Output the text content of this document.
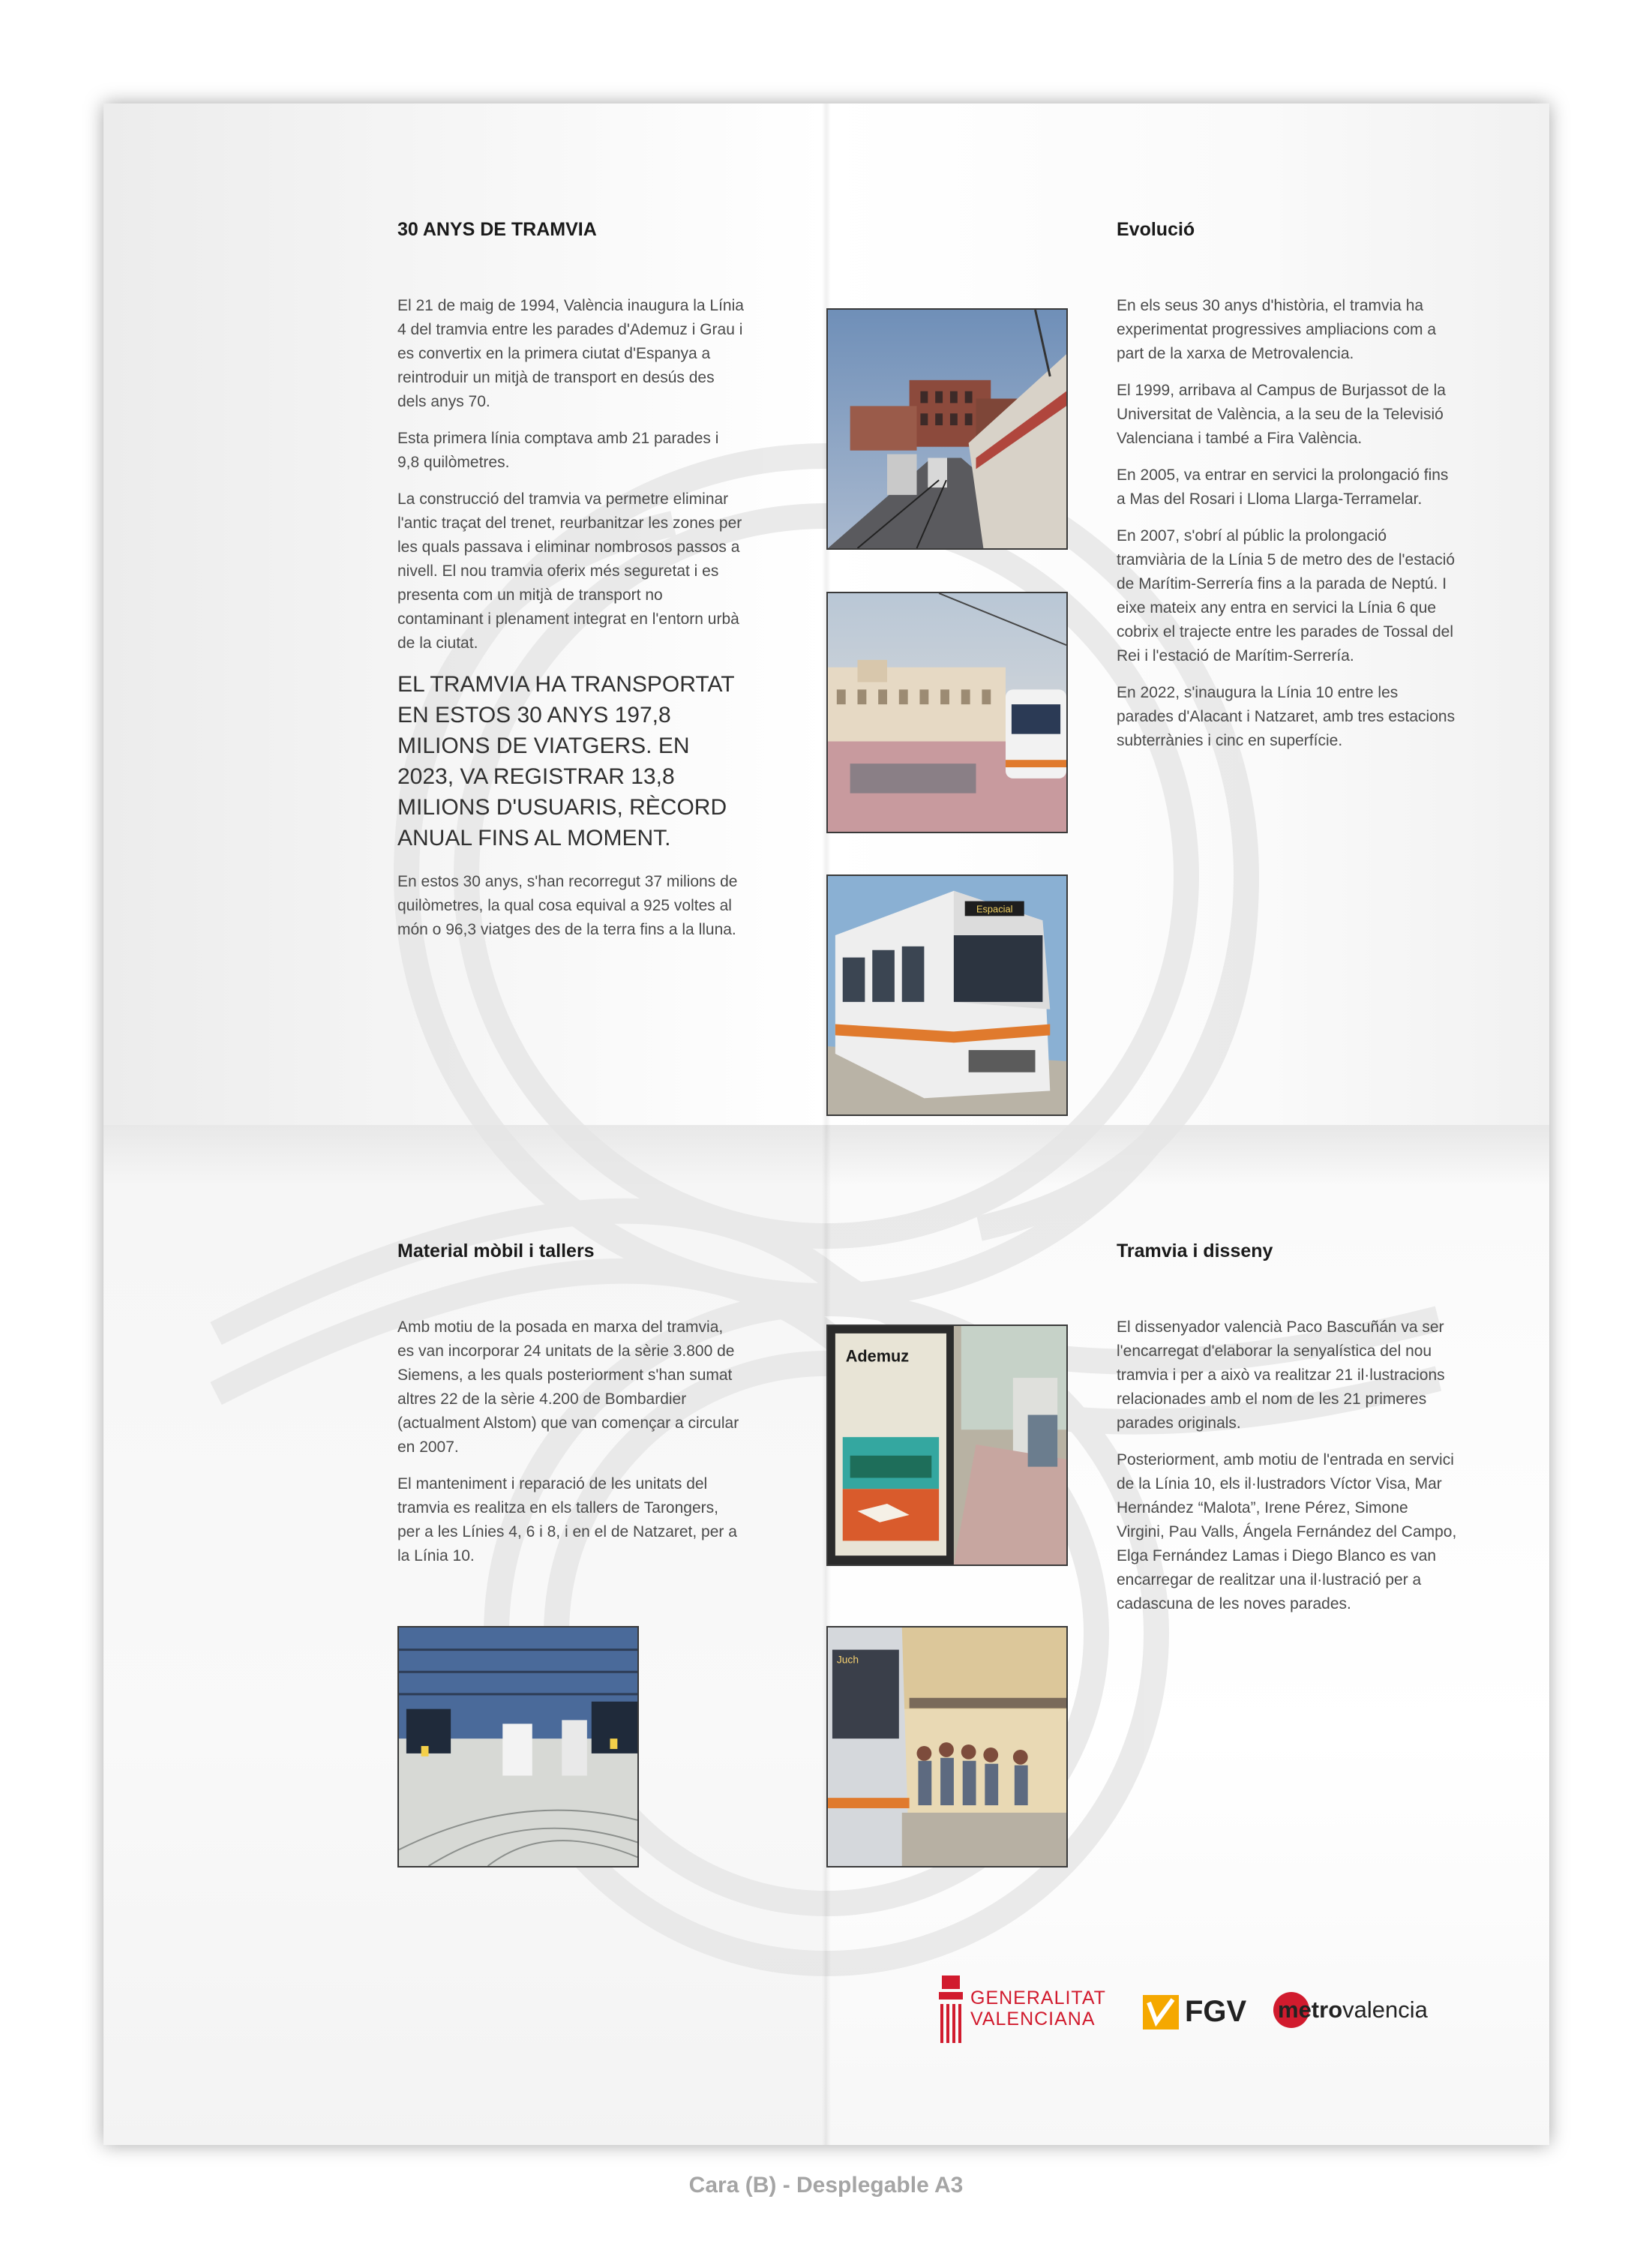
30 ANYS DE TRAMVIA

El 21 de maig de 1994, València inaugura la Línia 4 del tramvia entre les parades d'Ademuz i Grau i es convertix en la primera ciutat d'Espanya a reintroduir un mitjà de transport en desús des dels anys 70.

Esta primera línia comptava amb 21 parades i 9,8 quilòmetres.

La construcció del tramvia va permetre eliminar l'antic traçat del trenet, reurbanitzar les zones per les quals passava i eliminar nombrosos passos a nivell. El nou tramvia oferix més seguretat i es presenta com un mitjà de transport no contaminant i plenament integrat en l'entorn urbà de la ciutat.

EL TRAMVIA HA TRANSPORTAT EN ESTOS 30 ANYS 197,8 MILIONS DE VIATGERS. EN 2023, VA REGISTRAR 13,8 MILIONS D'USUARIS, RÈCORD ANUAL FINS AL MOMENT.

En estos 30 anys, s'han recorregut 37 milions de quilòmetres, la qual cosa equival a 925 voltes al món o 96,3 viatges des de la terra fins a la lluna.

Evolució

En els seus 30 anys d'història, el tramvia ha experimentat progressives ampliacions com a part de la xarxa de Metrovalencia.

El 1999, arribava al Campus de Burjassot de la Universitat de València, a la seu de la Televisió Valenciana i també a Fira València.

En 2005, va entrar en servici la prolongació fins a Mas del Rosari i Lloma Llarga-Terramelar.

En 2007, s'obrí al públic la prolongació tramviària de la Línia 5 de metro des de l'estació de Marítim-Serrería fins a la parada de Neptú. I eixe mateix any entra en servici la Línia 6 que cobrix el trajecte entre les parades de Tossal del Rei i l'estació de Marítim-Serrería.

En 2022, s'inaugura la Línia 10 entre les parades d'Alacant i Natzaret, amb tres estacions subterrànies i cinc en superfície.

Espacial
Material mòbil i tallers

Amb motiu de la posada en marxa del tramvia, es van incorporar 24 unitats de la sèrie 3.800 de Siemens, a les quals posteriorment s'han sumat altres 22 de la sèrie 4.200 de Bombardier (actualment Alstom) que van començar a circular en 2007.

El manteniment i reparació de les unitats del tramvia es realitza en els tallers de Tarongers, per a les Línies 4, 6 i 8, i en el de Natzaret, per a la Línia 10.

Tramvia i disseny

El dissenyador valencià Paco Bascuñán va ser l'encarregat d'elaborar la senyalística del nou tramvia i per a això va realitzar 21 il·lustracions relacionades amb el nom de les 21 primeres parades originals.

Posteriorment, amb motiu de l'entrada en servici de la Línia 10, els il·lustradors Víctor Visa, Mar Hernández “Malota”, Irene Pérez, Simone Virgini, Pau Valls, Ángela Fernández del Campo, Elga Fernández Lamas i Diego Blanco es van encarregar de realitzar una il·lustració per a cadascuna de les noves parades.

Ademuz
Juch
GENERALITAT
VALENCIANA	FGV metrovalencia
Cara (B) - Desplegable A3
